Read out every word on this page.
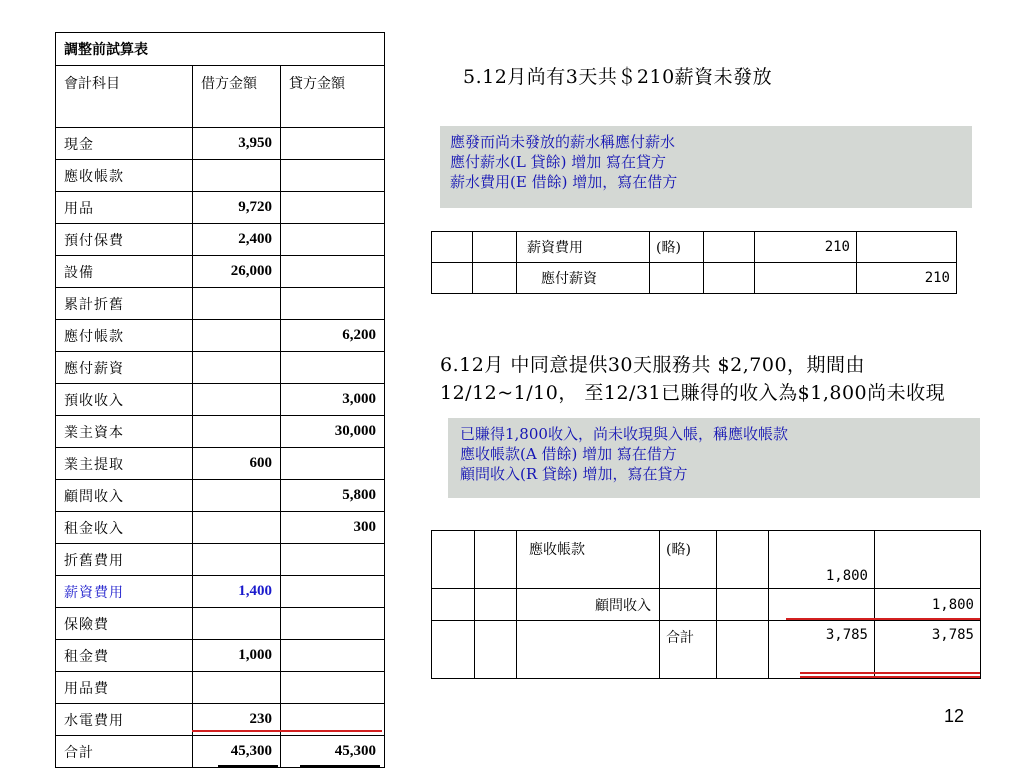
調整前試算表		
會計科目	借方金額	貸方金額
現金	3,950	
應收帳款		
用品	9,720	
預付保費	2,400	
設備	26,000	
累計折舊		
應付帳款		6,200
應付薪資		
預收收入		3,000
業主資本		30,000
業主提取	600	
顧問收入		5,800
租金收入		300
折舊費用		
薪資費用	1,400	
保險費		
租金費	1,000	
用品費		
水電費用	230	
合計	45,300	45,300
5.12月尚有3天共＄210薪資未發放
應發而尚未發放的薪水稱應付薪水
應付薪水(L 貸餘) 增加 寫在貸方
薪水費用(E 借餘) 增加，寫在借方
		薪資費用	(略)		210	
		應付薪資				210
6.12月 中同意提供30天服務共 $2,700，期間由
12/12~1/10， 至12/31已賺得的收入為$1,800尚未收現
已賺得1,800收入，尚未收現與入帳，稱應收帳款
應收帳款(A 借餘) 增加 寫在借方
顧問收入(R 貸餘) 增加，寫在貸方
		應收帳款	(略)		1,800	
		顧問收入				1,800
			合計		3,785	3,785
12
